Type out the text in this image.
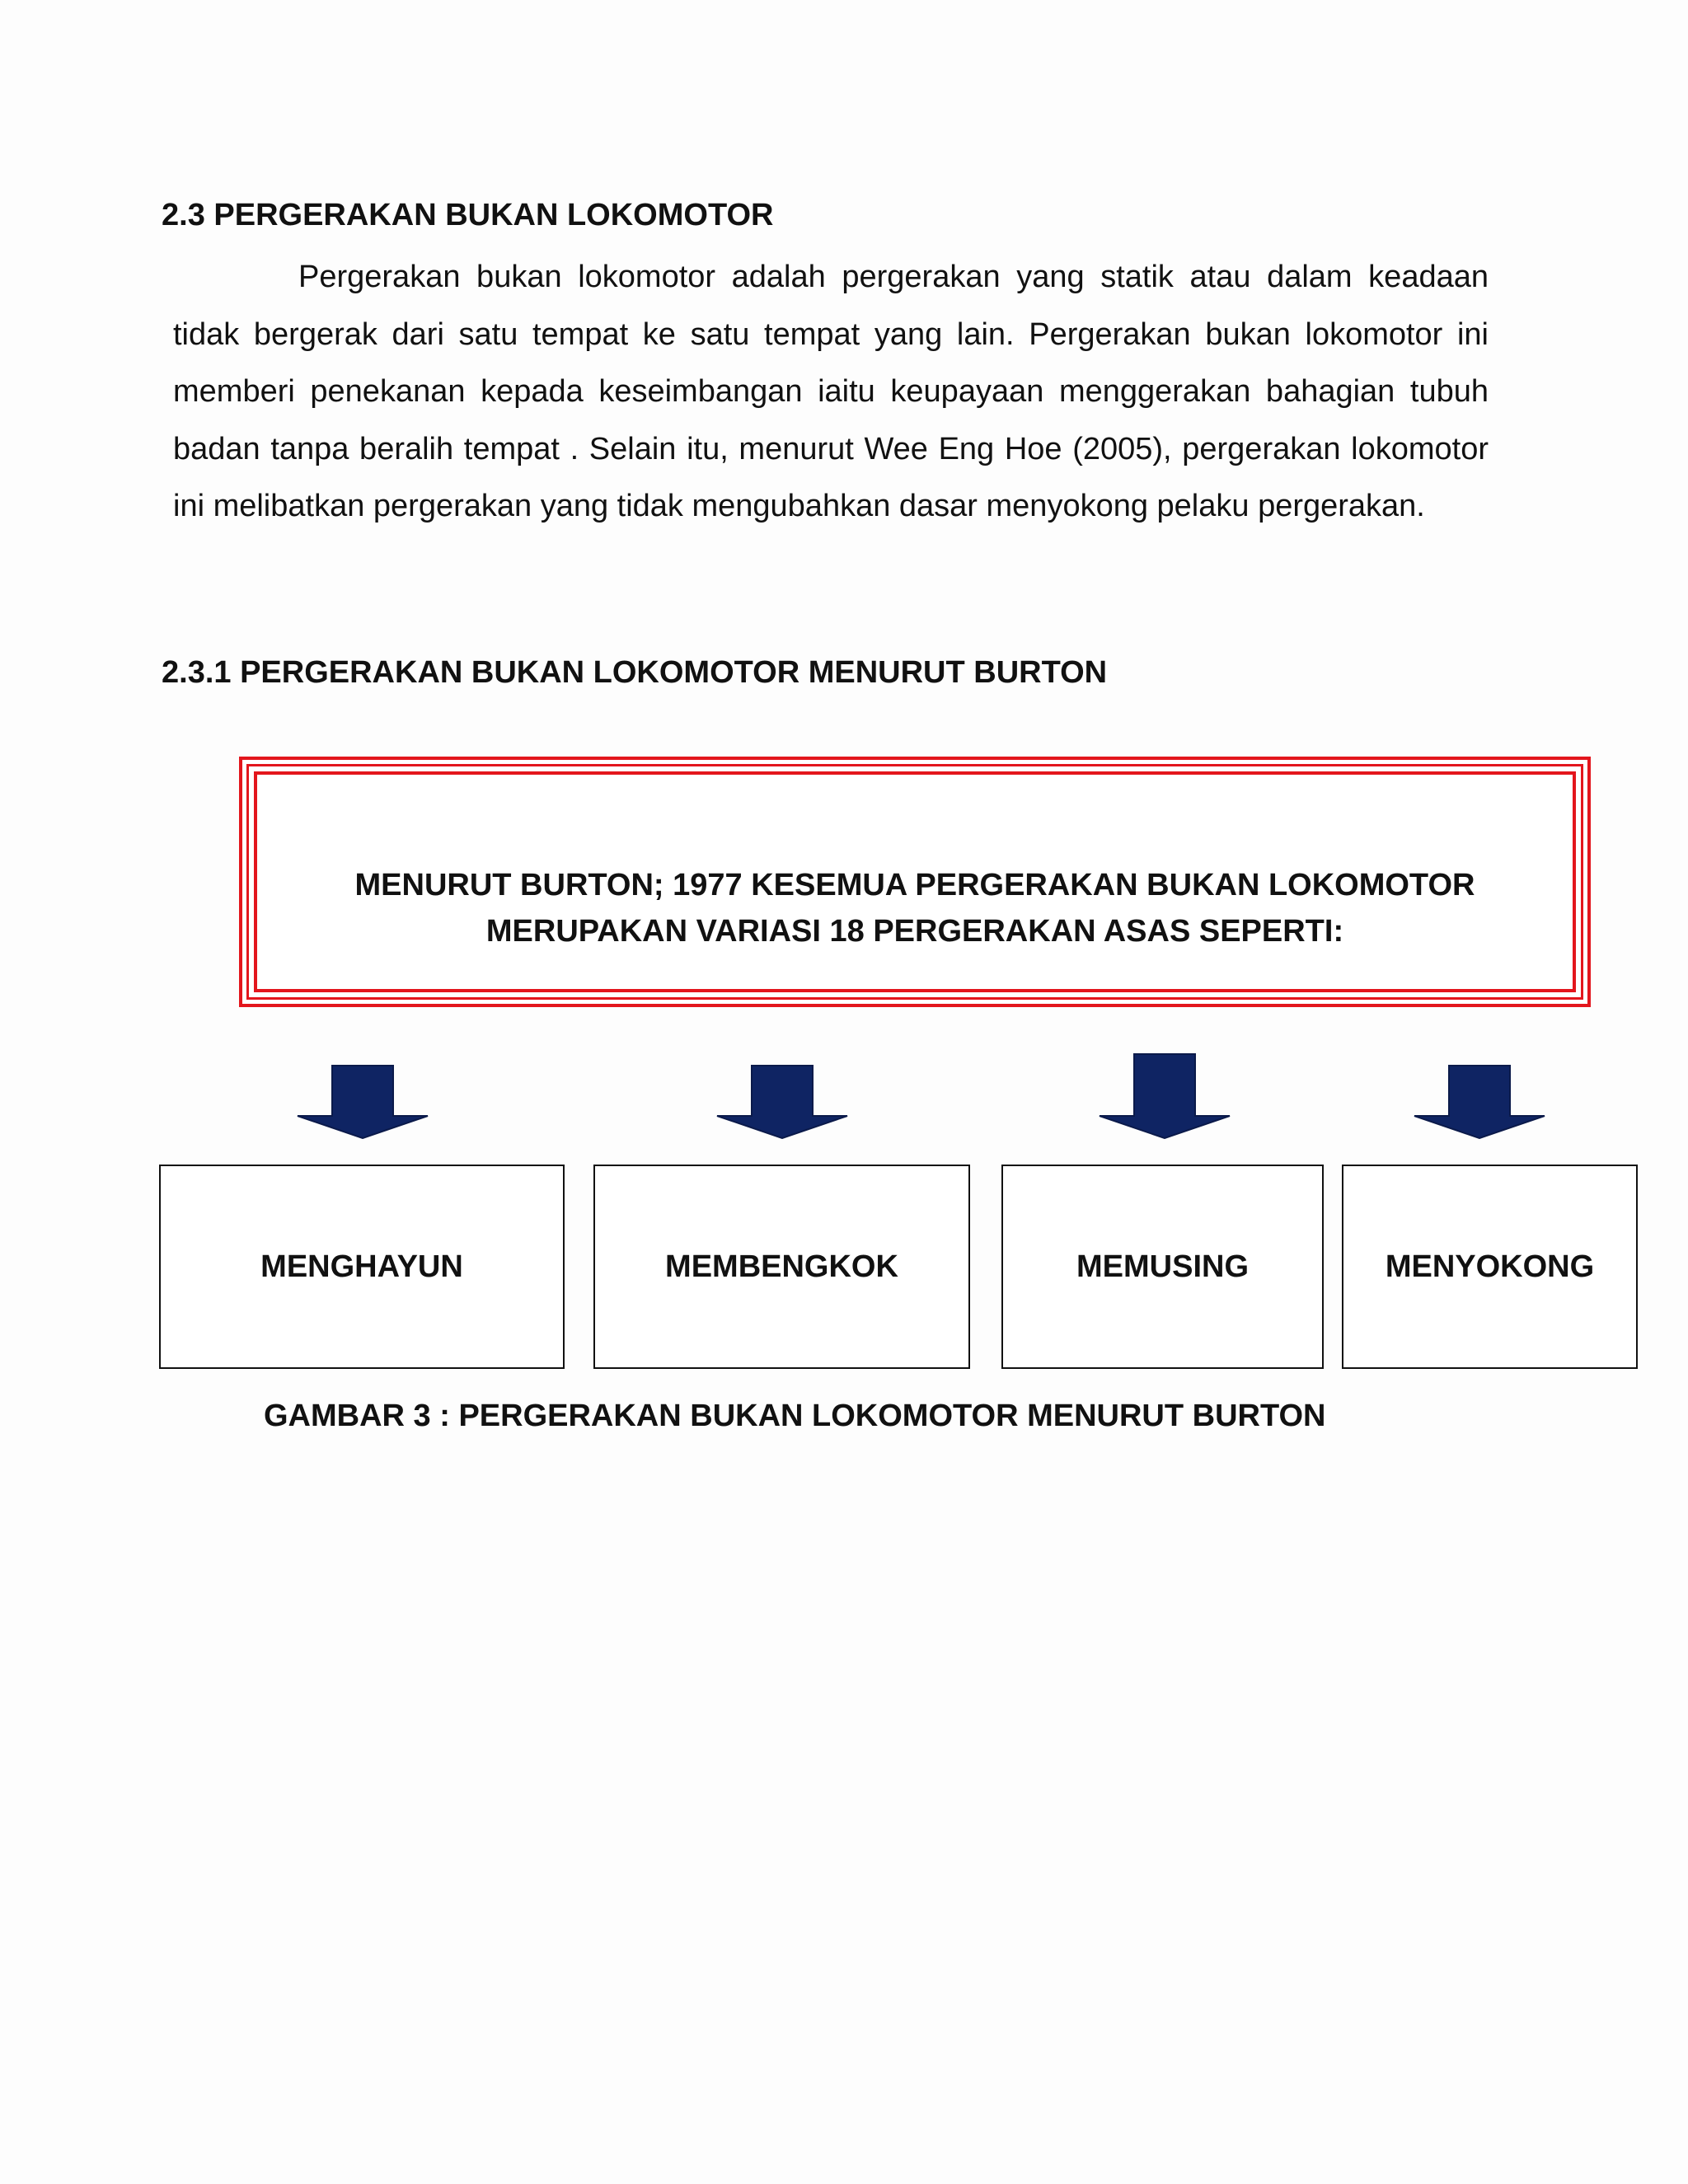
2.3 PERGERAKAN BUKAN LOKOMOTOR

Pergerakan bukan lokomotor adalah pergerakan yang statik atau dalam keadaan tidak bergerak dari satu tempat ke satu tempat yang lain. Pergerakan bukan lokomotor ini memberi penekanan kepada keseimbangan iaitu keupayaan menggerakan bahagian tubuh badan tanpa beralih tempat . Selain itu, menurut Wee Eng Hoe (2005), pergerakan lokomotor ini melibatkan pergerakan yang tidak mengubahkan dasar menyokong pelaku pergerakan.

2.3.1 PERGERAKAN BUKAN LOKOMOTOR MENURUT BURTON

MENURUT BURTON; 1977 KESEMUA PERGERAKAN BUKAN LOKOMOTOR
MERUPAKAN VARIASI 18 PERGERAKAN ASAS SEPERTI:

MENGHAYUN	MEMBENGKOK	MEMUSING	MENYOKONG

GAMBAR 3 : PERGERAKAN BUKAN LOKOMOTOR MENURUT BURTON
